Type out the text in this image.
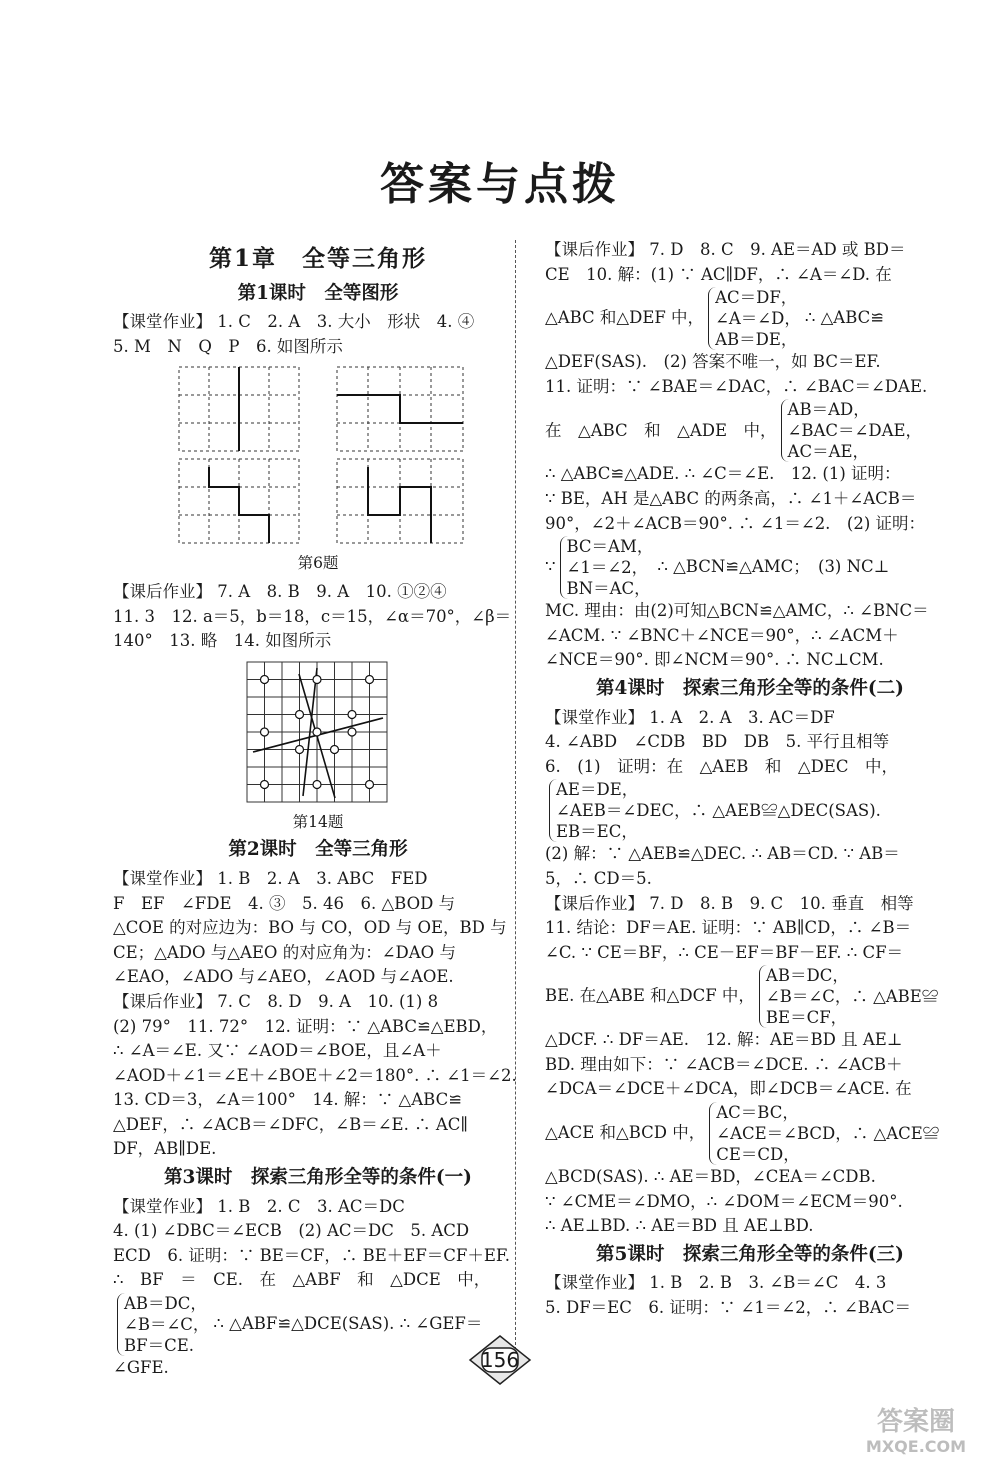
答案与点拨
第1章　全等三角形
第1课时　全等图形
【课堂作业】 1. C　2. A　3. 大小　形状　4. ④
5. M　N　Q　P　6. 如图所示
第6题
【课后作业】 7. A　8. B　9. A　10. ①②④
11. 3　12. a＝5，b＝18，c＝15，∠α＝70°，∠β＝
140°　13. 略　14. 如图所示
第14题
第2课时　全等三角形
【课堂作业】 1. B　2. A　3. ABC　FED
F　EF　∠FDE　4. ③　5. 46　6. △BOD 与
△COE 的对应边为：BO 与 CO，OD 与 OE，BD 与
CE；△ADO 与△AEO 的对应角为：∠DAO 与
∠EAO，∠ADO 与∠AEO，∠AOD 与∠AOE.
【课后作业】 7. C　8. D　9. A　10. (1) 8
(2) 79°　11. 72°　12. 证明：∵ △ABC≌△EBD，
∴ ∠A＝∠E. 又∵ ∠AOD＝∠BOE，且∠A＋
∠AOD＋∠1＝∠E＋∠BOE＋∠2＝180°. ∴ ∠1＝∠2.
13. CD＝3，∠A＝100°　14. 解：∵ △ABC≌
△DEF，∴ ∠ACB＝∠DFC，∠B＝∠E. ∴ AC∥
DF，AB∥DE.
第3课时　探索三角形全等的条件(一)
【课堂作业】 1. B　2. C　3. AC＝DC
4. (1) ∠DBC＝∠ECB　(2) AC＝DC　5. ACD
ECD　6. 证明：∵ BE＝CF，∴ BE＋EF＝CF＋EF.
∴　BF　＝　CE.　在　△ABF　和　△DCE　中，
AB＝DC，
∠B＝∠C，
BF＝CE.
∴ △ABF≌△DCE(SAS). ∴ ∠GEF＝
∠GFE.
【课后作业】 7. D　8. C　9. AE＝AD 或 BD＝
CE　10. 解：(1) ∵ AC∥DF，∴ ∠A＝∠D. 在
△ABC 和△DEF 中，
AC＝DF，
∠A＝∠D，
AB＝DE，
∴ △ABC≌
△DEF(SAS).　(2) 答案不唯一，如 BC＝EF.
11. 证明：∵ ∠BAE＝∠DAC，∴ ∠BAC＝∠DAE.
在　△ABC　和　△ADE　中，
AB＝AD，
∠BAC＝∠DAE，
AC＝AE，
∴ △ABC≌△ADE. ∴ ∠C＝∠E.　12. (1) 证明：
∵ BE，AH 是△ABC 的两条高，∴ ∠1＋∠ACB＝
90°，∠2＋∠ACB＝90°. ∴ ∠1＝∠2.　(2) 证明：
∵
BC＝AM，
∠1＝∠2，
BN＝AC，
∴ △BCN≌△AMC；　(3) NC⊥
MC. 理由：由(2)可知△BCN≌△AMC，∴ ∠BNC＝
∠ACM. ∵ ∠BNC＋∠NCE＝90°，∴ ∠ACM＋
∠NCE＝90°. 即∠NCM＝90°. ∴ NC⊥CM.
第4课时　探索三角形全等的条件(二)
【课堂作业】 1. A　2. A　3. AC＝DF
4. ∠ABD　∠CDB　BD　DB　5. 平行且相等
6.　(1)　证明：在　△AEB　和　△DEC　中，
AE＝DE，
∠AEB＝∠DEC，∴ △AEB≌△DEC(SAS).
EB＝EC，
(2) 解：∵ △AEB≌△DEC. ∴ AB＝CD. ∵ AB＝
5，∴ CD＝5.
【课后作业】 7. D　8. B　9. C　10. 垂直　相等
11. 结论：DF＝AE. 证明：∵ AB∥CD，∴ ∠B＝
∠C. ∵ CE＝BF，∴ CE－EF＝BF－EF. ∴ CF＝
BE. 在△ABE 和△DCF 中，
AB＝DC，
∠B＝∠C，∴ △ABE≌
BE＝CF，
△DCF. ∴ DF＝AE.　12. 解：AE＝BD 且 AE⊥
BD. 理由如下：∵ ∠ACB＝∠DCE. ∴ ∠ACB＋
∠DCA＝∠DCE＋∠DCA，即∠DCB＝∠ACE. 在
△ACE 和△BCD 中，
AC＝BC，
∠ACE＝∠BCD，∴ △ACE≌
CE＝CD，
△BCD(SAS). ∴ AE＝BD，∠CEA＝∠CDB.
∵ ∠CME＝∠DMO，∴ ∠DOM＝∠ECM＝90°.
∴ AE⊥BD. ∴ AE＝BD 且 AE⊥BD.
第5课时　探索三角形全等的条件(三)
【课堂作业】 1. B　2. B　3. ∠B＝∠C　4. 3
5. DF＝EC　6. 证明：∵ ∠1＝∠2，∴ ∠BAC＝
156
答案圈
MXQE.COM
